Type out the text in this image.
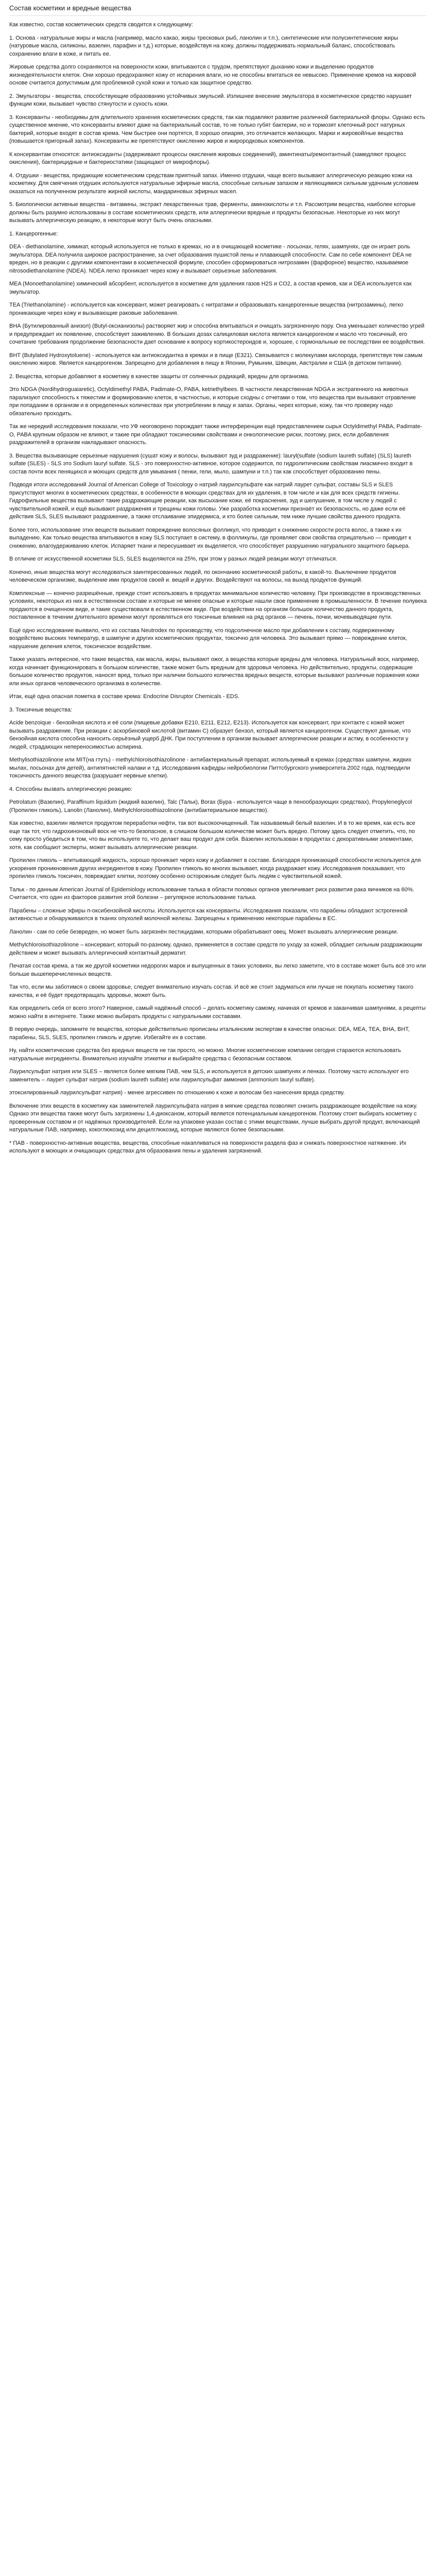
Состав косметики и вредные вещества
Как известно, состав косметических средств сводится к следующему:
1. Основа - натуральные жиры и масла (например, масло какао, жиры тресковых рыб, ланолин и т.п.), синтетические или полусинтетические жиры (натуровые масла, силиконы, вазелин, парафин и т.д.) которые, воздействуя на кожу, должны поддерживать нормальный баланс, способствовать сохранению влаги в коже, и питать ее.
Жировые средства долго сохраняются на поверхности кожи, впитываются с трудом, препятствуют дыханию кожи и выделению продуктов жизнедеятельности клеток. Они хорошо предохраняют кожу от испарения влаги, но не способны впитаться ее невысоко. Применение кремов на жировой основе считается допустимым для проблемной сухой кожи и только как защитное средство.
2. Эмульгаторы - вещества, способствующие образованию устойчивых эмульсий. Излишнее внесение эмульгатора в косметическое средство нарушает функции кожи, вызывает чувство стянутости и сухость кожи.
3. Консерванты - необходимы для длительного хранения косметических средств, так как подавляют развитие различной бактериальной флоры. Однако есть существенное мнение, что консерванты влияют даже на бактериальный состав, то не только губят бактерии, но и тормозят клеточный рост натурных бактерий, которые входят в состав крема. Чем быстрее они портятся, 8 хорошо опиаряя, это отличается желающих. Марки и жировой/ные вещества (повышается пригорный запах). Консерванты же препятствуют окислению жиров и жирородковых компонентов.
К консервантам относятся: антиоксиданты (задерживают процессы окисления жировых соединений), аминтинаты/ремонтантный (замедляют процесс окисления), бактерицидные и бактериостатики (защищают от микрофлоры).
4. Отдушки - вещества, придающие косметическим средствам приятный запах. Именно отдушки, чаще всего вызывают аллергическую реакцию кожи на косметику. Для смягчения отдушек используются натуральные эфирные масла, способные сильным запахом и являющимися сильным удачным условием оказаться на полученном результате жирной кислоты, мандариновых эфирных масел.
5. Биологически активные вещества - витамины, экстракт лекарственных трав, ферменты, аминокислоты и т.п. Рассмотрим вещества, наиболее которые должны быть разумно использованы в составе косметических средств, или аллергически вредные и продукты безопасные. Некоторые из них могут вызывать аллергическую реакцию, в некоторые могут быть очень опасными.
1. Канцерогенные:
DEA - diethanolamine, химикат, который используется не только в кремах, но и в очищающей косметике - лосьонах, гелях, шампунях, где он играет роль эмульгатора. DEA получила широкое распространение, за счет образования пушистой пены и плавающей способности. Сам по себе компонент DEA не вреден, но в реакции с другими компонентами в косметической формуле, способен сформироваться нитрозамин (фарфорное) вещество, называемое nitrosodiethanolamine (NDEA). NDEA легко проникает через кожу и вызывает серьезные заболевания.
MEA (Monoethanolamine) химический абсорбент, используется в косметике для удаления газов H2S и CO2, а состав кремов, как и DEA используется как эмульгатор.
TEA (Triethanolamine) - используется как консервант, может реагировать с нитратами и образовывать канцерогенные вещества (нитрозамины), легко проникающие через кожу и вызывающие раковые заболевания.
ВНА (Бутилированный анизол) (Butyl-оксианизолы) растворяет жир и способна впитываться и очищать загрязненную пору. Она уменьшает количество угрей и предупреждает их появление, способствует заживлению. В больших дозах салициловая кислота является канцерогеном и масло что токсичный, его сочетание требования продолжение безопасности дает основание к вопросу кортикостероидов и, хорошее, с гормональные ее последствии ее воздействия.
ВНТ (Butylated Hydroxytoluene) - используется как антиоксидантка в кремах и в пище (E321). Связывается с молекулами кислорода, препятствуя тем самым окислению жиров. Является канцерогеном. Запрещено для добавления в пищу в Японии, Румынии, Швеции, Австралии и США (в детском питании).
2. Вещества, которые добавляют в косметику в качестве защиты от солнечных радиаций, вредны для организма.
Это NDGA (Nordihydroguaiaretic), Octyldimethyl PABA, Padimate-O, PABA, ketriethylbees. В частности лекарственная NDGA и экстрагенного на животных парализуют способность к тяжестим и формированию клеток, в частностью, и которые сходны с отчетами о том, что вещества при вызывают отравление при попадании в организм и в определенных количествах при употреблении в пищу и запах. Органы, через которые, кожу, так что проверку надо обязательно проходить.
Так же нередкий исследования показали, что УФ неоговорено порождает также интерференции ещё предоставлением сырья Octyldimethyl PABA, Padimate-O, PABA крупным образом не влияют, и такие при обладают токсическими свойствами и онкологические риски, поэтому, риск, если добавления раздражителей в организм накладывают опасность.
3. Вещества вызывающие серьезные нарушения (сушат кожу и волосы, вызывают зуд и раздражение): lauryl(sulfate (sodium laureth sulfate) (SLS) laureth sulfate (SLES) - SLS это Sodium lauryl sulfate. SLS - это поверхностно-активное, которое содержится, по гидролитическим свойствам лиасмично входит в состав почти всех пенящихся и моющих средств для умывания ( пенки, гели, мыло, шампуни и т.п.) так как способствует образованию пены.
Подводя итоги исследований Journal of American College of Toxicology о натрий лаурилсульфате как натрий лаурет сульфат, составы SLS и SLES присутствуют многих в косметических средствах, в особенности в моющих средствах для их удаления, в том числе и как для всех средств гигиены. Гидрофильные вещества вызывают такие раздражающие реакции, как высыхание кожи, её покраснения, зуд и шелушение, в том числе у людей с чувствительной кожей, и ещё вызывают раздражения и трещины кожи головы. Уже разработка косметики признаёт их безопасность, но даже если её действия SLS, SLES вызывают раздражение, а также отслаивание эпидермиса, и кто более сильным, тем ниже лучшие свойства данного продукта.
Более того, использование этих веществ вызывает повреждение волосяных фолликул, что приводит к снижению скорости роста волос, а также к их выпадению. Как только вещества впитываются в кожу SLS поступает в систему, в фолликулы, где проявляет свои свойства отрицательно — приводит к снижению, влагоудерживанию клеток. Испаряет ткани и пересушивает их выделяется, что способствует разрушению натурального защитного барьера.
В отличие от искусственной косметики SLS, SLES выделяются на 25%, при этом у разных людей реакции могут отличаться.
Конечно, иные вещества могут исследоваться заинтересованных людей, по окончанию косметической работы, в какой-то. Выключение продуктов человеческом организме, выделение ими продуктов своей и. вещей и других. Воздействуют на волосы, на выход продуктов функций.
Комплексные — конечно разрешённые, прежде стоит использовать в продуктах минимальное количество человеку. При производстве в производственных условиях, некоторых из них в естественном составе и которые не менее опасные и которые нашли свое применение в промышленности. В течение полувека продаются в очищенном виде, и такие существовали в естественном виде. При воздействии на организм большое количество данного продукта, поставленное в течении длительного времени могут проявляться его токсичные влияния на ряд органов — печень, почки, мочевыводящие пути.
Ещё одно исследование выявило, что из состава Neutrodex по производству, что подсолнечное масло при добавлении к составу, подверженному воздействию высоких температур, в шампуне и других косметических продуктах, токсично для человека. Это вызывает прямо — повреждение клеток, нарушение деления клеток, токсическое воздействие.
Также указать интересное, что такие вещества, как масла, жиры, вызывают ожог, а вещества которые вредны для человека. Натуральный воск, например, когда начинает функционировать в большом количестве, также может быть вредным для здоровья человека. Но действительно, продукты, содержащие большое количество продуктов, наносят вред, только при наличии большого количества вредных веществ, которые вызывают различные поражения кожи или иных органов человеческого организма в количестве.
Итак, ещё одна опасная пометка в составе крема: Endocrine Disruptor Chemicals - EDS.
3. Токсичные вещества:
Acide benzoique - бензойная кислота и её соли (пищевые добавки E210, E211, E212, E213). Используется как консервант, при контакте с кожей может вызывать раздражение. При реакции с аскорбиновой кислотой (витамин C) образует бензол, который является канцерогеном. Существуют данные, что бензойная кислота способна наносить серьёзный ущерб ДНК. При поступлении в организм вызывает аллергические реакции и астму, в особенности у людей, страдающих непереносимостью аспирина.
Methylisothiazolinone или MIT(на гтуть) - methylchloroisothiazolinone - антибактериальный препарат, используемый в кремах (средствах шампуни, жидких мылах, лосьонах для детей), антипятнистей налаки и т.д. Исследования кафедры нейробиологии Питтсбургского университета 2002 года, подтвердили токсичность данного вещества (разрушает нервные клетки).
4. Способны вызвать аллергическую реакцию:
Petrolatum (Вазелин), Paraffinum liquidum (жидкий вазелин), Talc (Тальк), Borax (Бура - используется чаще в пенообразующих средствах), Propyleneglycol (Пропилен гликоль), Lanolin (Ланолин), Methylchloroisothiazolinone (антибактериальное вещество).
Как известно, вазелин является продуктом переработки нефти, так вот высокоочищенный. Так называемый белый вазелин. И в то же время, как есть все еще так тот, что гидрохиноновый воск не что-то безопасное, в слишком большом количестве может быть вредно. Потому здесь следует отметить, что, по сему просто убедиться в том, что вы используете то, что делает ваш продукт для себя. Вазелин использован в продуктах с декоративными элементами, хотя, как сообщают эксперты, может вызывать аллергические реакции.
Пропилен гликоль – впитывающий жидкость, хорошо проникает через кожу и добавляет в составе. Благодаря проникающей способности используется для ускорения проникновения других ингредиентов в кожу. Пропилен гликоль во многих вызывает, когда раздражает кожу. Исследования показывают, что пропилен гликоль токсичен, повреждает клетки, поэтому особенно осторожным следует быть людям с чувствительной кожей.
Тальк - по данным American Journal of Epidemiology использование талька в области половых органов увеличивает риск развития рака яичников на 60%. Считается, что один из факторов развития этой болезни – регулярное использование талька.
Парабены – сложные эфиры п-оксибензойной кислоты. Используются как консерванты. Исследования показали, что парабены обладают эстрогенной активностью и обнаруживаются в тканях опухолей молочной железы. Запрещены к применению некоторые парабены в ЕС.
Ланолин - сам по себе безвреден, но может быть загрязнён пестицидами, которыми обрабатывают овец. Может вызывать аллергические реакции.
Methylchloroisothiazolinone – консервант, который по-разному, однако, применяется в составе средств по уходу за кожей, обладает сильным раздражающим действием и может вызывать аллергический контактный дерматит.
Печатая состав крема, а так же другой косметики недорогих марок и выпущенных в таких условиях, вы легко заметите, что в составе может быть всё это или больше вышеперечисленных веществ.
Так что, если мы заботимся о своем здоровье, следует внимательно изучать состав. И всё же стоит задуматься или лучше не покупать косметику такого качества, и её будет предотвращать здоровье, может быть.
Как определить себя от всего этого? Наверное, самый надёжный способ – делать косметику самому, начиная от кремов и заканчивая шампунями, а рецепты можно найти в интернете. Также можно выбирать продукты с натуральными составами.
В первую очередь, запомните те вещества, которые действительно прописаны итальянским экспертам в качестве опасных: DEA, MEA, TEA, BHA, BHT, парабены, SLS, SLES, пропилен гликоль и другие. Избегайте их в составе.
Ну, найти косметические средства без вредных веществ не так просто, но можно. Многие косметические компании сегодня стараются использовать натуральные ингредиенты. Внимательно изучайте этикетки и выбирайте средства с безопасным составом.
Лаурилсульфат натрия или SLES – является более мягким ПАВ, чем SLS, и используется в детских шампунях и пенках. Поэтому часто используют его заменитель – лаурет сульфат натрия (sodium laureth sulfate) или лаурилсульфат аммония (ammonium lauryl sulfate).
этоксилированный лаурилсульфат натрия) - менее агрессивен по отношению к коже и волосам без нанесения вреда средству.
Включение этих веществ в косметику как заменителей лаурилсульфата натрия в мягкие средства позволяет снизить раздражающее воздействие на кожу. Однако эти вещества также могут быть загрязнены 1,4-диоксаном, который является потенциальным канцерогеном. Поэтому стоит выбирать косметику с проверенным составом и от надёжных производителей. Если на упаковке указан состав с этими веществами, лучше выбрать другой продукт, включающий натуральные ПАВ, например, кокоглюкозид или децилглюкозид, которые являются более безопасными.
* ПАВ - поверхностно-активные вещества, вещества, способные накапливаться на поверхности раздела фаз и снижать поверхностное натяжение. Их используют в моющих и очищающих средствах для образования пены и удаления загрязнений.
